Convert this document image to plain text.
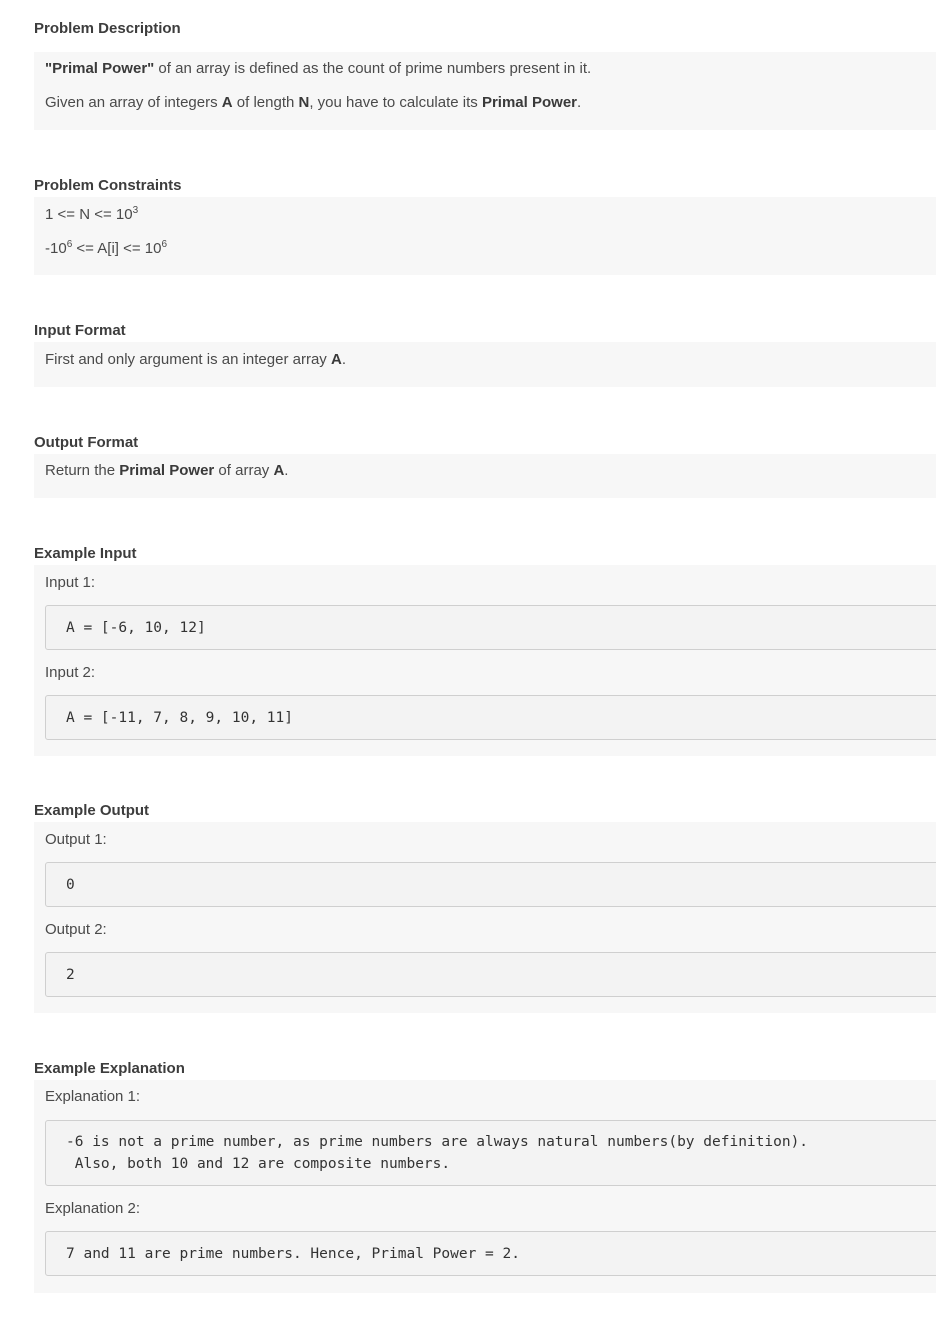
Problem Description
"Primal Power" of an array is defined as the count of prime numbers present in it.
Given an array of integers A of length N, you have to calculate its Primal Power.
Problem Constraints
$1 <= N <= 10^3$
$-10^6 <= A[i] <= 10^6$
Input Format
First and only argument is an integer array A.
Output Format
Return the Primal Power of array A.
Example Input
Input 1:
A = [-6, 10, 12]
Input 2:
A = [-11, 7, 8, 9, 10, 11]
Example Output
Output 1:
0
Output 2:
2
Example Explanation
Explanation 1:
-6 is not a prime number, as prime numbers are always natural numbers(by definition).
Also, both 10 and 12 are composite numbers.
Explanation 2:
7 and 11 are prime numbers. Hence, Primal Power = 2.
